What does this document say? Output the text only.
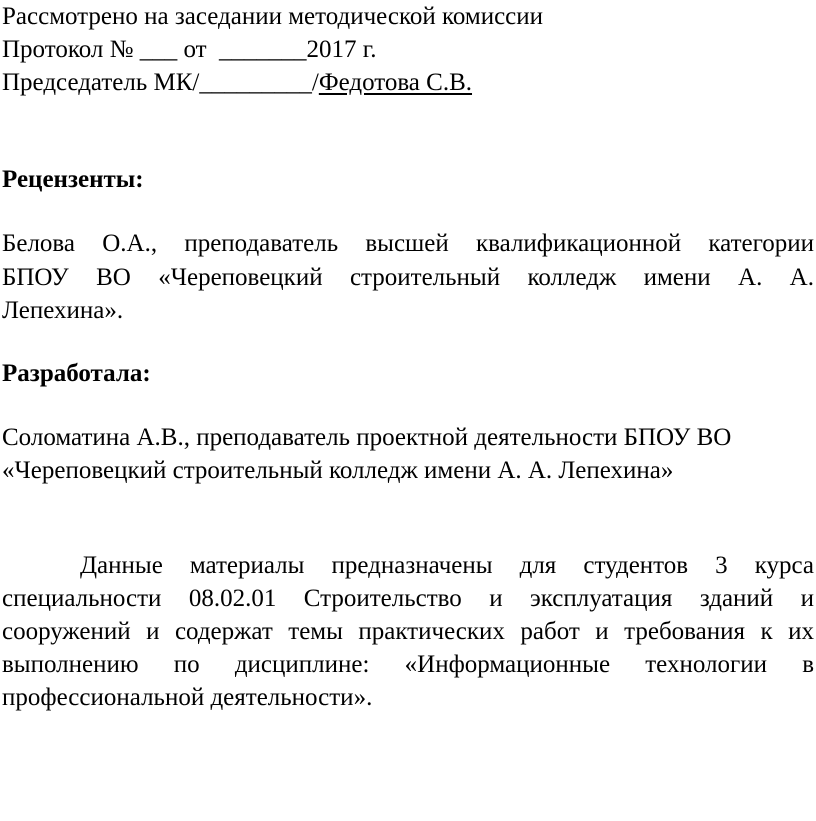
Рассмотрено на заседании методической комиссии
Протокол № ___ от  _______2017 г.
Председатель МК/_________/Федотова С.В.
Рецензенты:
Белова О.А., преподаватель высшей квалификационной категории
БПОУ ВО «Череповецкий строительный колледж имени А. А.
Лепехина».
Разработала:
Соломатина А.В., преподаватель проектной деятельности БПОУ ВО
«Череповецкий строительный колледж имени А. А. Лепехина»
Данные материалы предназначены для студентов 3 курса
специальности 08.02.01 Строительство и эксплуатация зданий и
сооружений и содержат темы практических работ и требования к их
выполнению по дисциплине: «Информационные технологии в
профессиональной деятельности».
